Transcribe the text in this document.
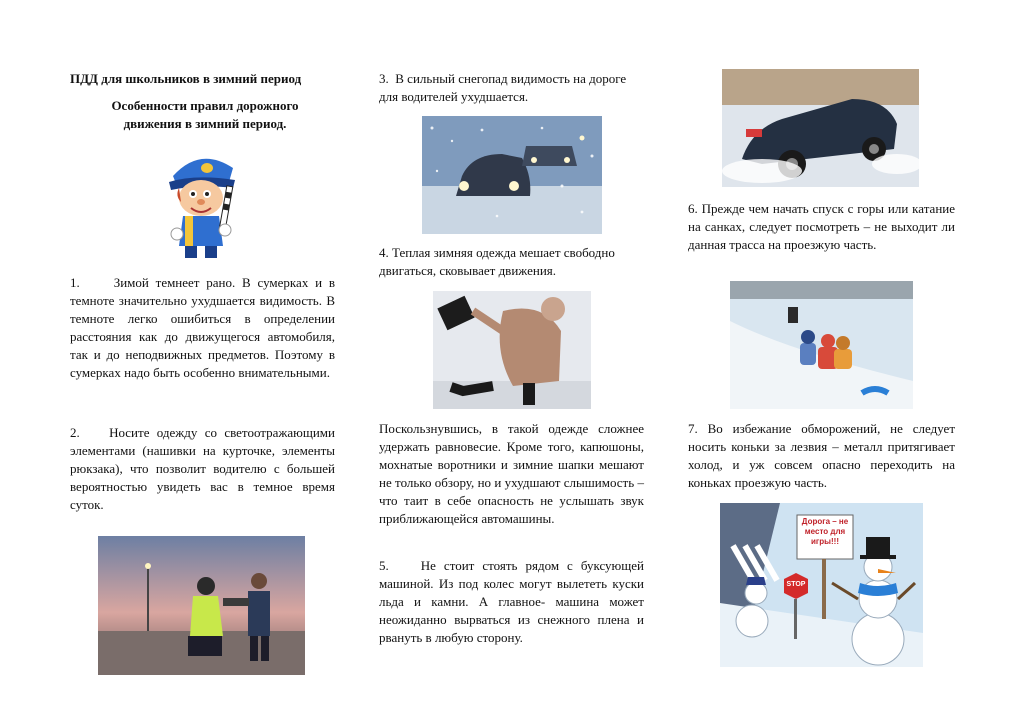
ПДД для школьников в зимний период

Особенности правил дорожного движения в зимний период.

1.     Зимой темнеет рано. В сумерках и в темноте значительно ухудшается видимость. В темноте легко ошибиться в определении расстояния как до движущегося автомобиля, так и до неподвижных предметов. Поэтому в сумерках надо быть особенно внимательными.

2.    Носите одежду со светоотражающими элементами (нашивки на курточке, элементы рюкзака), что позволит водителю с большей вероятностью увидеть вас в темное время суток.

3.  В сильный снегопад видимость на дороге для водителей ухудшается.

4. Теплая зимняя одежда мешает свободно двигаться, сковывает движения.

Поскользнувшись, в такой одежде сложнее удержать равновесие. Кроме того, капюшоны, мохнатые воротники и зимние шапки мешают не только обзору, но и ухудшают слышимость – что таит в себе опасность не услышать звук приближающейся автомашины.

5.    Не стоит стоять рядом с буксующей машиной. Из под колес могут вылететь куски льда и камни. А главное- машина может неожиданно вырваться из снежного плена и рвануть в любую сторону.

6. Прежде чем начать спуск с горы или катание на санках, следует посмотреть – не выходит ли данная трасса на проезжую часть.

7. Во избежание обморожений, не следует носить коньки за лезвия – металл притягивает холод, и уж совсем опасно переходить на коньках проезжую часть.

Дорога – не место для игры!!!
STOP
